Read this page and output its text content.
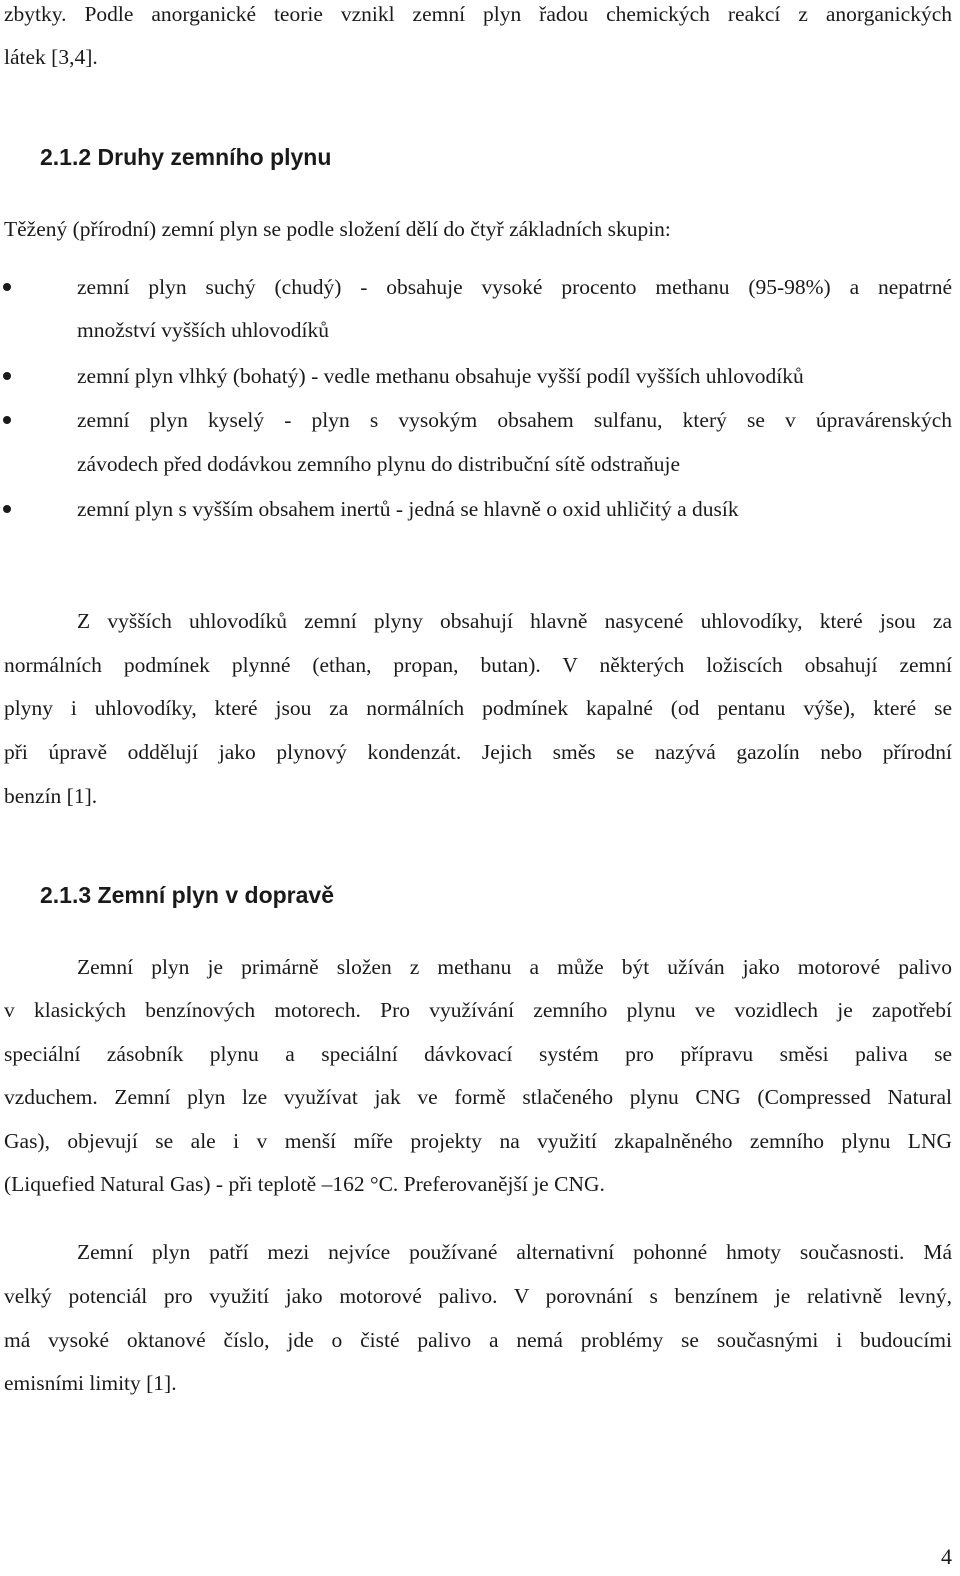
zbytky. Podle anorganické teorie vznikl zemní plyn řadou chemických reakcí z anorganických
látek [3,4].
2.1.2 Druhy zemního plynu
Těžený (přírodní) zemní plyn se podle složení dělí do čtyř základních skupin:
zemní plyn suchý (chudý) - obsahuje vysoké procento methanu (95-98%) a nepatrné
množství vyšších uhlovodíků
zemní plyn vlhký (bohatý) - vedle methanu obsahuje vyšší podíl vyšších uhlovodíků
zemní plyn kyselý - plyn s vysokým obsahem sulfanu, který se v úpravárenských
závodech před dodávkou zemního plynu do distribuční sítě odstraňuje
zemní plyn s vyšším obsahem inertů - jedná se hlavně o oxid uhličitý a dusík
Z vyšších uhlovodíků zemní plyny obsahují hlavně nasycené uhlovodíky, které jsou za
normálních podmínek plynné (ethan, propan, butan). V některých ložiscích obsahují zemní
plyny i uhlovodíky, které jsou za normálních podmínek kapalné (od pentanu výše), které se
při úpravě oddělují jako plynový kondenzát. Jejich směs se nazývá gazolín nebo přírodní
benzín [1].
2.1.3 Zemní plyn v dopravě
Zemní plyn je primárně složen z methanu a může být užíván jako motorové palivo
v klasických benzínových motorech. Pro využívání zemního plynu ve vozidlech je zapotřebí
speciální zásobník plynu a speciální dávkovací systém pro přípravu směsi paliva se
vzduchem. Zemní plyn lze využívat jak ve formě stlačeného plynu CNG (Compressed Natural
Gas), objevují se ale i v menší míře projekty na využití zkapalněného zemního plynu LNG
(Liquefied Natural Gas) - při teplotě –162 °C. Preferovanější je CNG.
Zemní plyn patří mezi nejvíce používané alternativní pohonné hmoty současnosti. Má
velký potenciál pro využití jako motorové palivo. V porovnání s benzínem je relativně levný,
má vysoké oktanové číslo, jde o čisté palivo a nemá problémy se současnými i budoucími
emisními limity [1].
4
